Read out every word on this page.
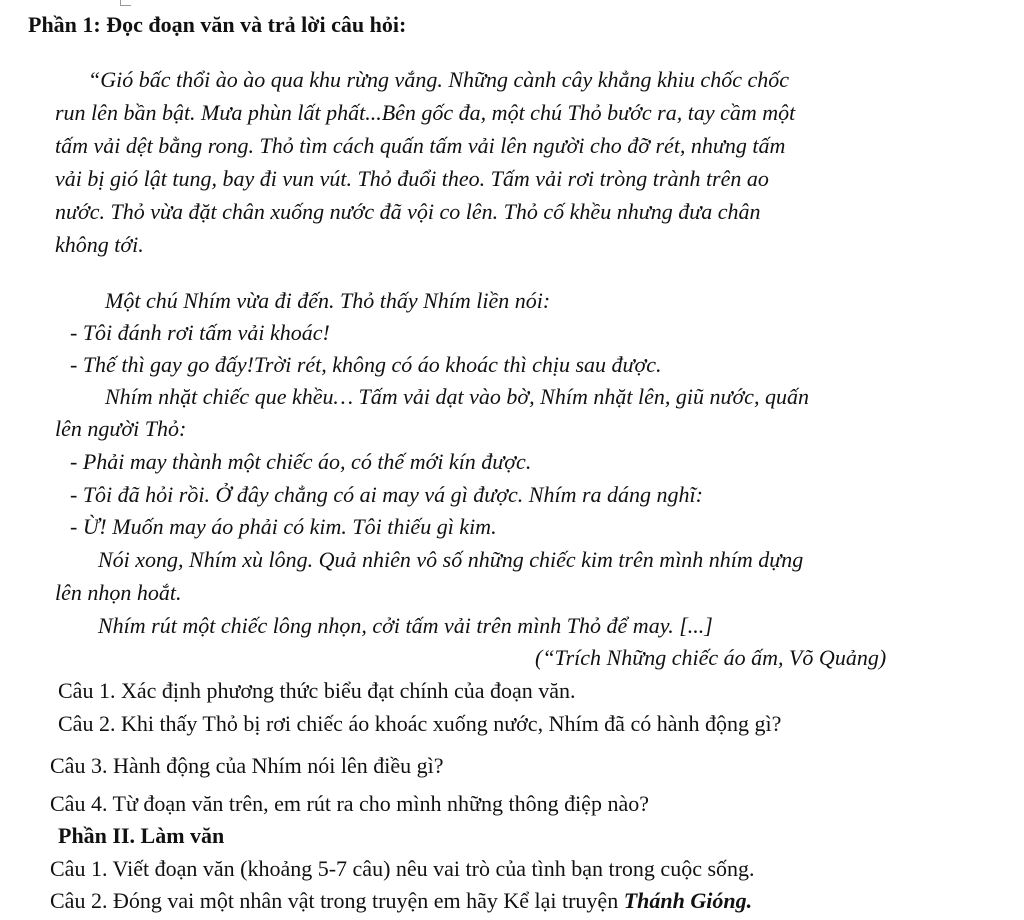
Phần 1: Đọc đoạn văn và trả lời câu hỏi:
“Gió bấc thổi ào ào qua khu rừng vắng. Những cành cây khẳng khiu chốc chốc
run lên bần bật. Mưa phùn lất phất...Bên gốc đa, một chú Thỏ bước ra, tay cầm một
tấm vải dệt bằng rong. Thỏ tìm cách quấn tấm vải lên người cho đỡ rét, nhưng tấm
vải bị gió lật tung, bay đi vun vút. Thỏ đuổi theo. Tấm vải rơi tròng trành trên ao
nước. Thỏ vừa đặt chân xuống nước đã vội co lên. Thỏ cố khều nhưng đưa chân
không tới.
Một chú Nhím vừa đi đến. Thỏ thấy Nhím liền nói:
- Tôi đánh rơi tấm vải khoác!
- Thế thì gay go đấy!Trời rét, không có áo khoác thì chịu sau được.
Nhím nhặt chiếc que khều… Tấm vải dạt vào bờ, Nhím nhặt lên, giũ nước, quấn
lên người Thỏ:
- Phải may thành một chiếc áo, có thế mới kín được.
- Tôi đã hỏi rồi. Ở đây chẳng có ai may vá gì được. Nhím ra dáng nghĩ:
- Ừ! Muốn may áo phải có kim. Tôi thiếu gì kim.
Nói xong, Nhím xù lông. Quả nhiên vô số những chiếc kim trên mình nhím dựng
lên nhọn hoắt.
Nhím rút một chiếc lông nhọn, cởi tấm vải trên mình Thỏ để may. [...]
(“Trích Những chiếc áo ấm, Võ Quảng)
Câu 1. Xác định phương thức biểu đạt chính của đoạn văn.
Câu 2. Khi thấy Thỏ bị rơi chiếc áo khoác xuống nước, Nhím đã có hành động gì?
Câu 3. Hành động của Nhím nói lên điều gì?
Câu 4. Từ đoạn văn trên, em rút ra cho mình những thông điệp nào?
Phần II. Làm văn
Câu 1. Viết đoạn văn (khoảng 5-7 câu) nêu vai trò của tình bạn trong cuộc sống.
Câu 2. Đóng vai một nhân vật trong truyện em hãy Kể lại truyện Thánh Gióng.
